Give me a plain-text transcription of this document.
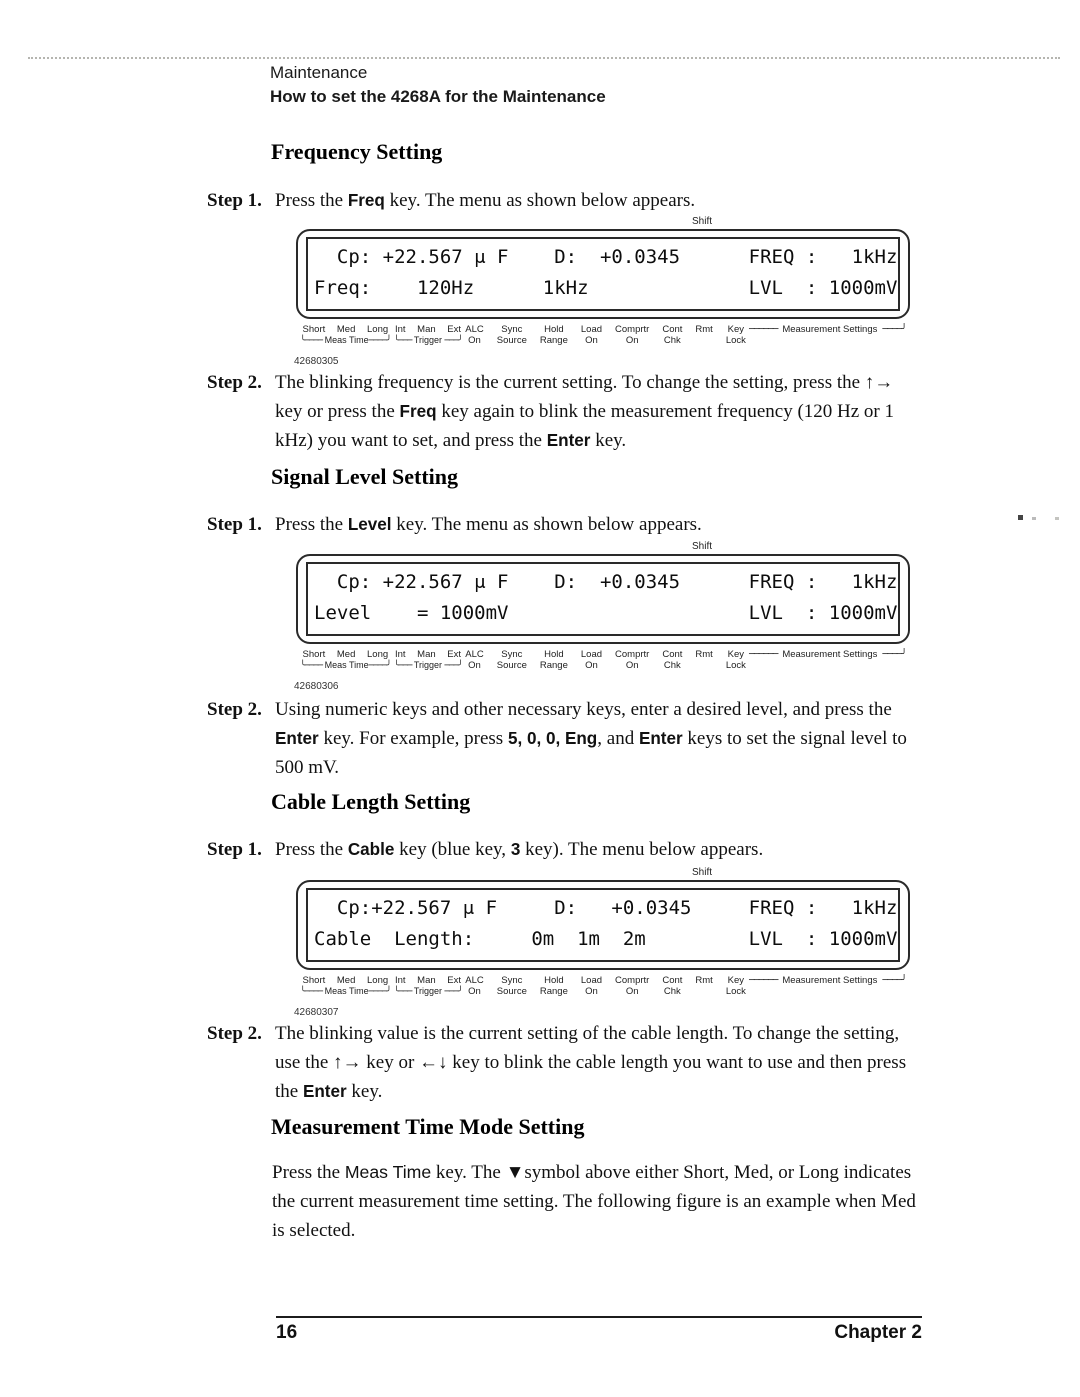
Maintenance
How to set the 4268A for the Maintenance
Frequency Setting
Step 1. Press the Freq key. The menu as shown below appears.
Shift
Cp: +22.567 μ F    D:  +0.0345      FREQ :   1kHz
Freq:    120Hz      1kHz              LVL  : 1000mV
Short Med Long
╰──── Meas Time────╯
Int Man Ext
╰─── Trigger ───╯
ALC
On
Sync
Source
Hold
Range
Load
On
Comprtr
On
Cont
Chk
Rmt Key
Lock
────── Measurement Settings ────╯
42680305
Step 2. The blinking frequency is the current setting. To change the setting, press the ↑→ key or press the Freq key again to blink the measurement frequency (120 Hz or 1 kHz) you want to set, and press the Enter key.
Signal Level Setting
Step 1. Press the Level key. The menu as shown below appears.
Shift
Cp: +22.567 μ F    D:  +0.0345      FREQ :   1kHz
Level    = 1000mV                     LVL  : 1000mV
Short Med Long
╰──── Meas Time────╯
Int Man Ext
╰─── Trigger ───╯
ALC
On
Sync
Source
Hold
Range
Load
On
Comprtr
On
Cont
Chk
Rmt Key
Lock
────── Measurement Settings ────╯
42680306
Step 2. Using numeric keys and other necessary keys, enter a desired level, and press the Enter key. For example, press 5, 0, 0, Eng, and Enter keys to set the signal level to 500 mV.
Cable Length Setting
Step 1. Press the Cable key (blue key, 3 key). The menu below appears.
Shift
Cp:+22.567 μ F     D:   +0.0345     FREQ :   1kHz
Cable  Length:     0m  1m  2m         LVL  : 1000mV
Short Med Long
╰──── Meas Time────╯
Int Man Ext
╰─── Trigger ───╯
ALC
On
Sync
Source
Hold
Range
Load
On
Comprtr
On
Cont
Chk
Rmt Key
Lock
────── Measurement Settings ────╯
42680307
Step 2. The blinking value is the current setting of the cable length. To change the setting, use the ↑→ key or ←↓ key to blink the cable length you want to use and then press the Enter key.
Measurement Time Mode Setting
Press the Meas Time key. The ▼symbol above either Short, Med, or Long indicates the current measurement time setting. The following figure is an example when Med is selected.
16	Chapter 2
